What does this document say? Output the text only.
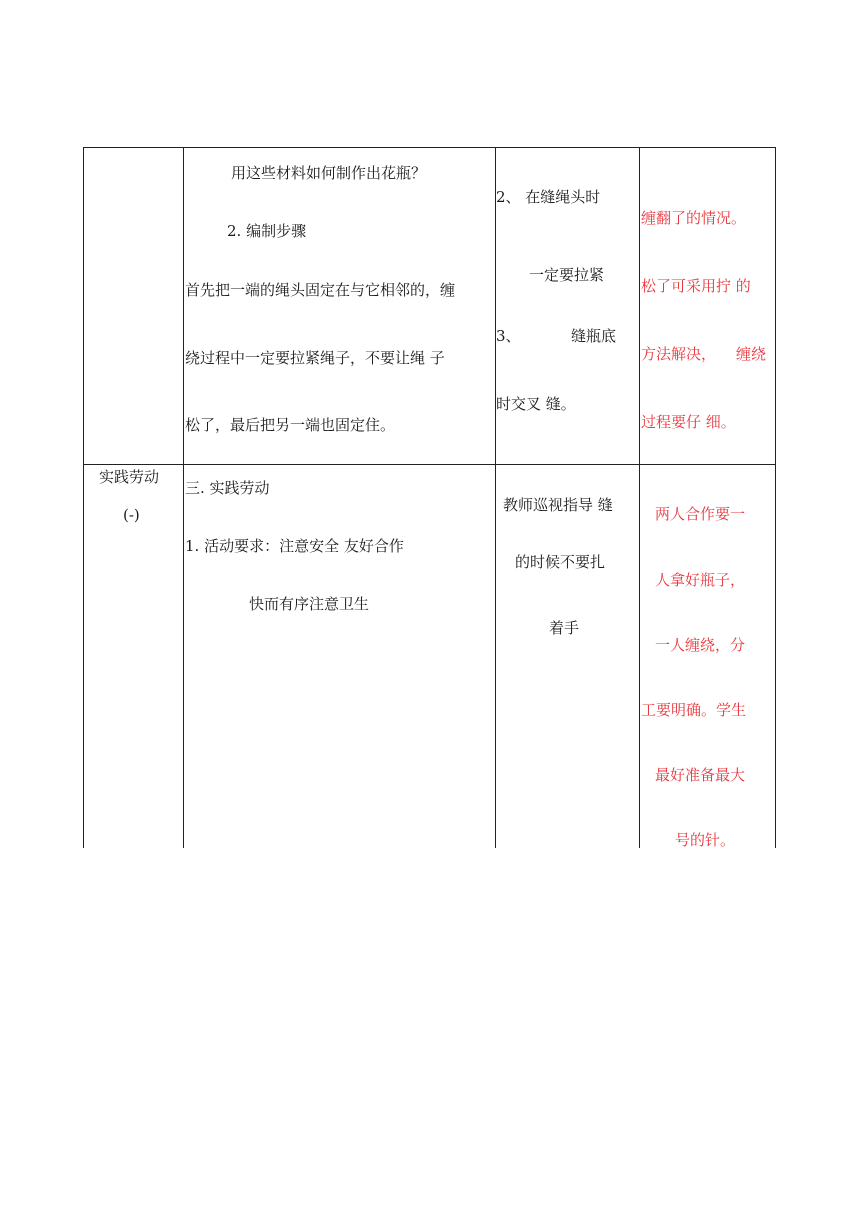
用这些材料如何制作出花瓶？
2. 编制步骤
首先把一端的绳头固定在与它相邻的，缠
绕过程中一定要拉紧绳子，不要让绳 子
松了，最后把另一端也固定住。
2、 在缝绳头时
一定要拉紧
3、	缝瓶底
时交叉 缝。
缠翻了的情况。
松了可采用拧 的
方法解决， 缠绕
过程要仔 细。
实践劳动
(-)
三. 实践劳动
1. 活动要求：注意安全 友好合作
快而有序注意卫生
教师巡视指导 缝
的时候不要扎
着手
两人合作要一
人拿好瓶子，
一人缠绕，分
工要明确。学生
最好准备最大
号的针。
